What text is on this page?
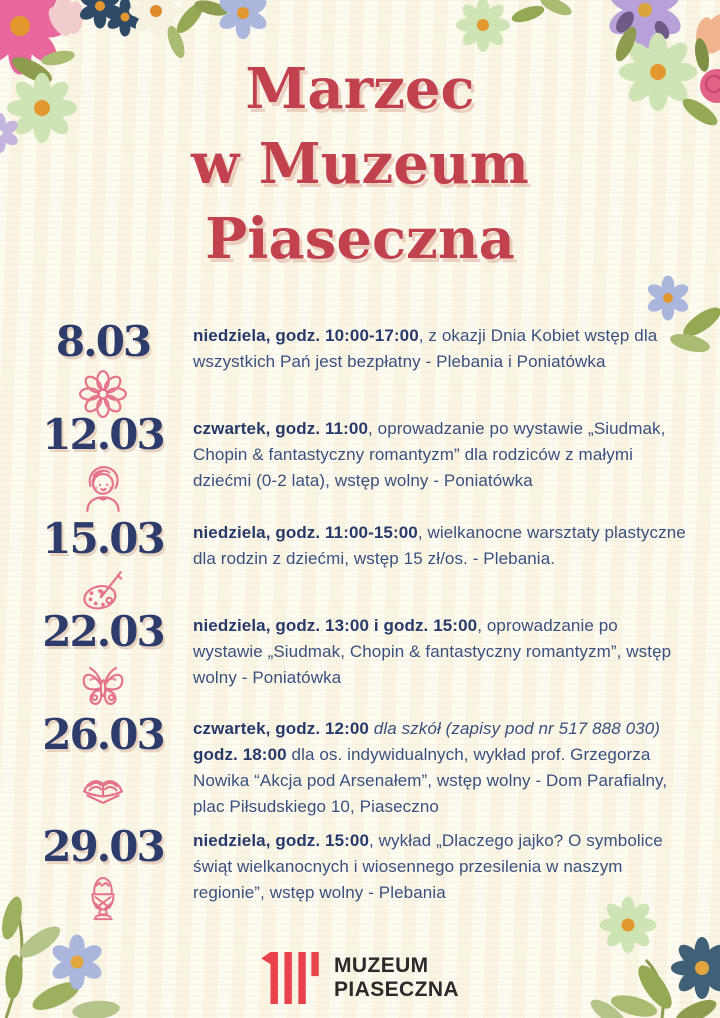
Marzec
w Muzeum
Piaseczna
8.03	niedziela, godz. 10:00-17:00, z okazji Dnia Kobiet wstęp dla wszystkich Pań jest bezpłatny - Plebania i Poniatówka

12.03	czwartek, godz. 11:00, oprowadzanie po wystawie „Siudmak, Chopin & fantastyczny romantyzm” dla rodziców z małymi dziećmi (0-2 lata), wstęp wolny - Poniatówka

15.03	niedziela, godz. 11:00-15:00, wielkanocne warsztaty plastyczne dla rodzin z dziećmi, wstęp 15 zł/os. - Plebania.

22.03	niedziela, godz. 13:00 i godz. 15:00, oprowadzanie po wystawie „Siudmak, Chopin & fantastyczny romantyzm”, wstęp wolny - Poniatówka

26.03	czwartek, godz. 12:00 dla szkół (zapisy pod nr 517 888 030)
godz. 18:00 dla os. indywidualnych, wykład prof. Grzegorza Nowika “Akcja pod Arsenałem”, wstęp wolny - Dom Parafialny, plac Piłsudskiego 10, Piaseczno

29.03	niedziela, godz. 15:00, wykład „Dlaczego jajko? O symbolice świąt wielkanocnych i wiosennego przesilenia w naszym regionie”, wstęp wolny - Plebania

MUZEUM
PIASECZNA
